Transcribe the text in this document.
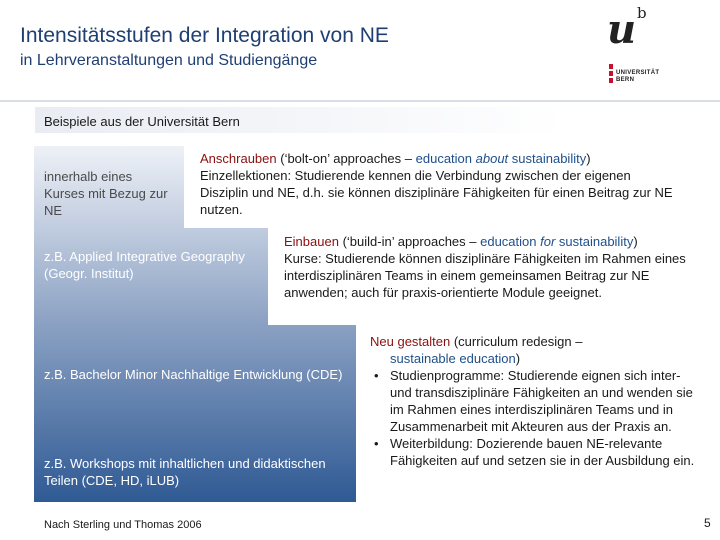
Intensitätsstufen der Integration von NE
in Lehrveranstaltungen und Studiengänge
u b
UNIVERSITÄT
BERN
Beispiele aus der Universität Bern
innerhalb eines Kurses mit Bezug zur NE
z.B. Applied Integrative Geography (Geogr. Institut)
z.B. Bachelor Minor Nachhaltige Entwicklung (CDE)
z.B. Workshops mit inhaltlichen und didaktischen Teilen (CDE, HD, iLUB)
Anschrauben (‘bolt-on’ approaches – education about sustainability)
Einzellektionen: Studierende kennen die Verbindung zwischen der eigenen Disziplin und NE, d.h. sie können disziplinäre Fähigkeiten für einen Beitrag zur NE nutzen.
Einbauen (‘build-in’ approaches – education for sustainability)
Kurse: Studierende können disziplinäre Fähigkeiten im Rahmen eines interdisziplinären Teams in einem gemeinsamen Beitrag zur NE anwenden; auch für praxis-orientierte Module geeignet.
Neu gestalten (curriculum redesign –
sustainable education)
• Studienprogramme: Studierende eignen sich inter- und transdisziplinäre Fähigkeiten an und wenden sie im Rahmen eines interdisziplinären Teams und in Zusammenarbeit mit Akteuren aus der Praxis an.
• Weiterbildung: Dozierende bauen NE-relevante Fähigkeiten auf und setzen sie in der Ausbildung ein.
Nach Sterling und Thomas 2006	5
